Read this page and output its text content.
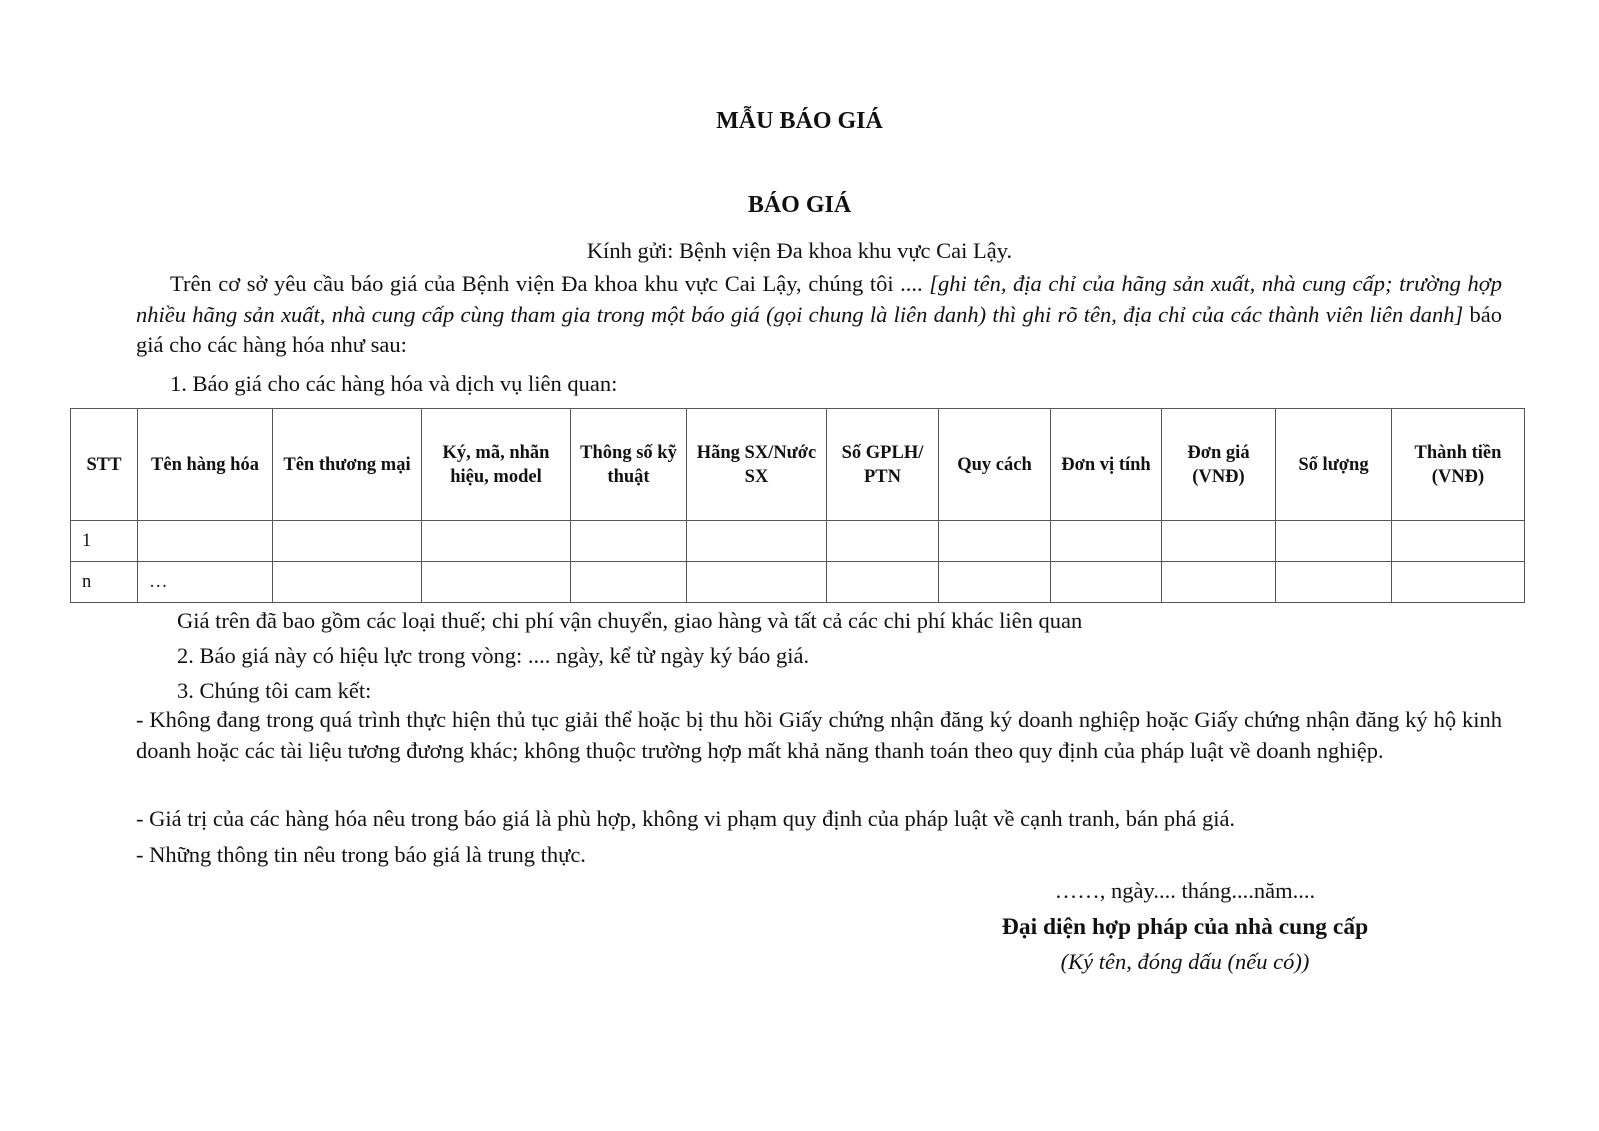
MẪU BÁO GIÁ
BÁO GIÁ
Kính gửi: Bệnh viện Đa khoa khu vực Cai Lậy.
Trên cơ sở yêu cầu báo giá của Bệnh viện Đa khoa khu vực Cai Lậy, chúng tôi .... [ghi tên, địa chỉ của hãng sản xuất, nhà cung cấp; trường hợp nhiều hãng sản xuất, nhà cung cấp cùng tham gia trong một báo giá (gọi chung là liên danh) thì ghi rõ tên, địa chỉ của các thành viên liên danh] báo giá cho các hàng hóa như sau:
1. Báo giá cho các hàng hóa và dịch vụ liên quan:
STT	Tên hàng hóa	Tên thương mại	Ký, mã, nhãn hiệu, model	Thông số kỹ thuật	Hãng SX/Nước SX	Số GPLH/ PTN	Quy cách	Đơn vị tính	Đơn giá (VNĐ)	Số lượng	Thành tiền (VNĐ)
1											
n	…										
Giá trên đã bao gồm các loại thuế; chi phí vận chuyển, giao hàng và tất cả các chi phí khác liên quan
2. Báo giá này có hiệu lực trong vòng: .... ngày, kể từ ngày ký báo giá.
3. Chúng tôi cam kết:
- Không đang trong quá trình thực hiện thủ tục giải thể hoặc bị thu hồi Giấy chứng nhận đăng ký doanh nghiệp hoặc Giấy chứng nhận đăng ký hộ kinh doanh hoặc các tài liệu tương đương khác; không thuộc trường hợp mất khả năng thanh toán theo quy định của pháp luật về doanh nghiệp.
- Giá trị của các hàng hóa nêu trong báo giá là phù hợp, không vi phạm quy định của pháp luật về cạnh tranh, bán phá giá.
- Những thông tin nêu trong báo giá là trung thực.
……, ngày.... tháng....năm....
Đại diện hợp pháp của nhà cung cấp
(Ký tên, đóng dấu (nếu có))
